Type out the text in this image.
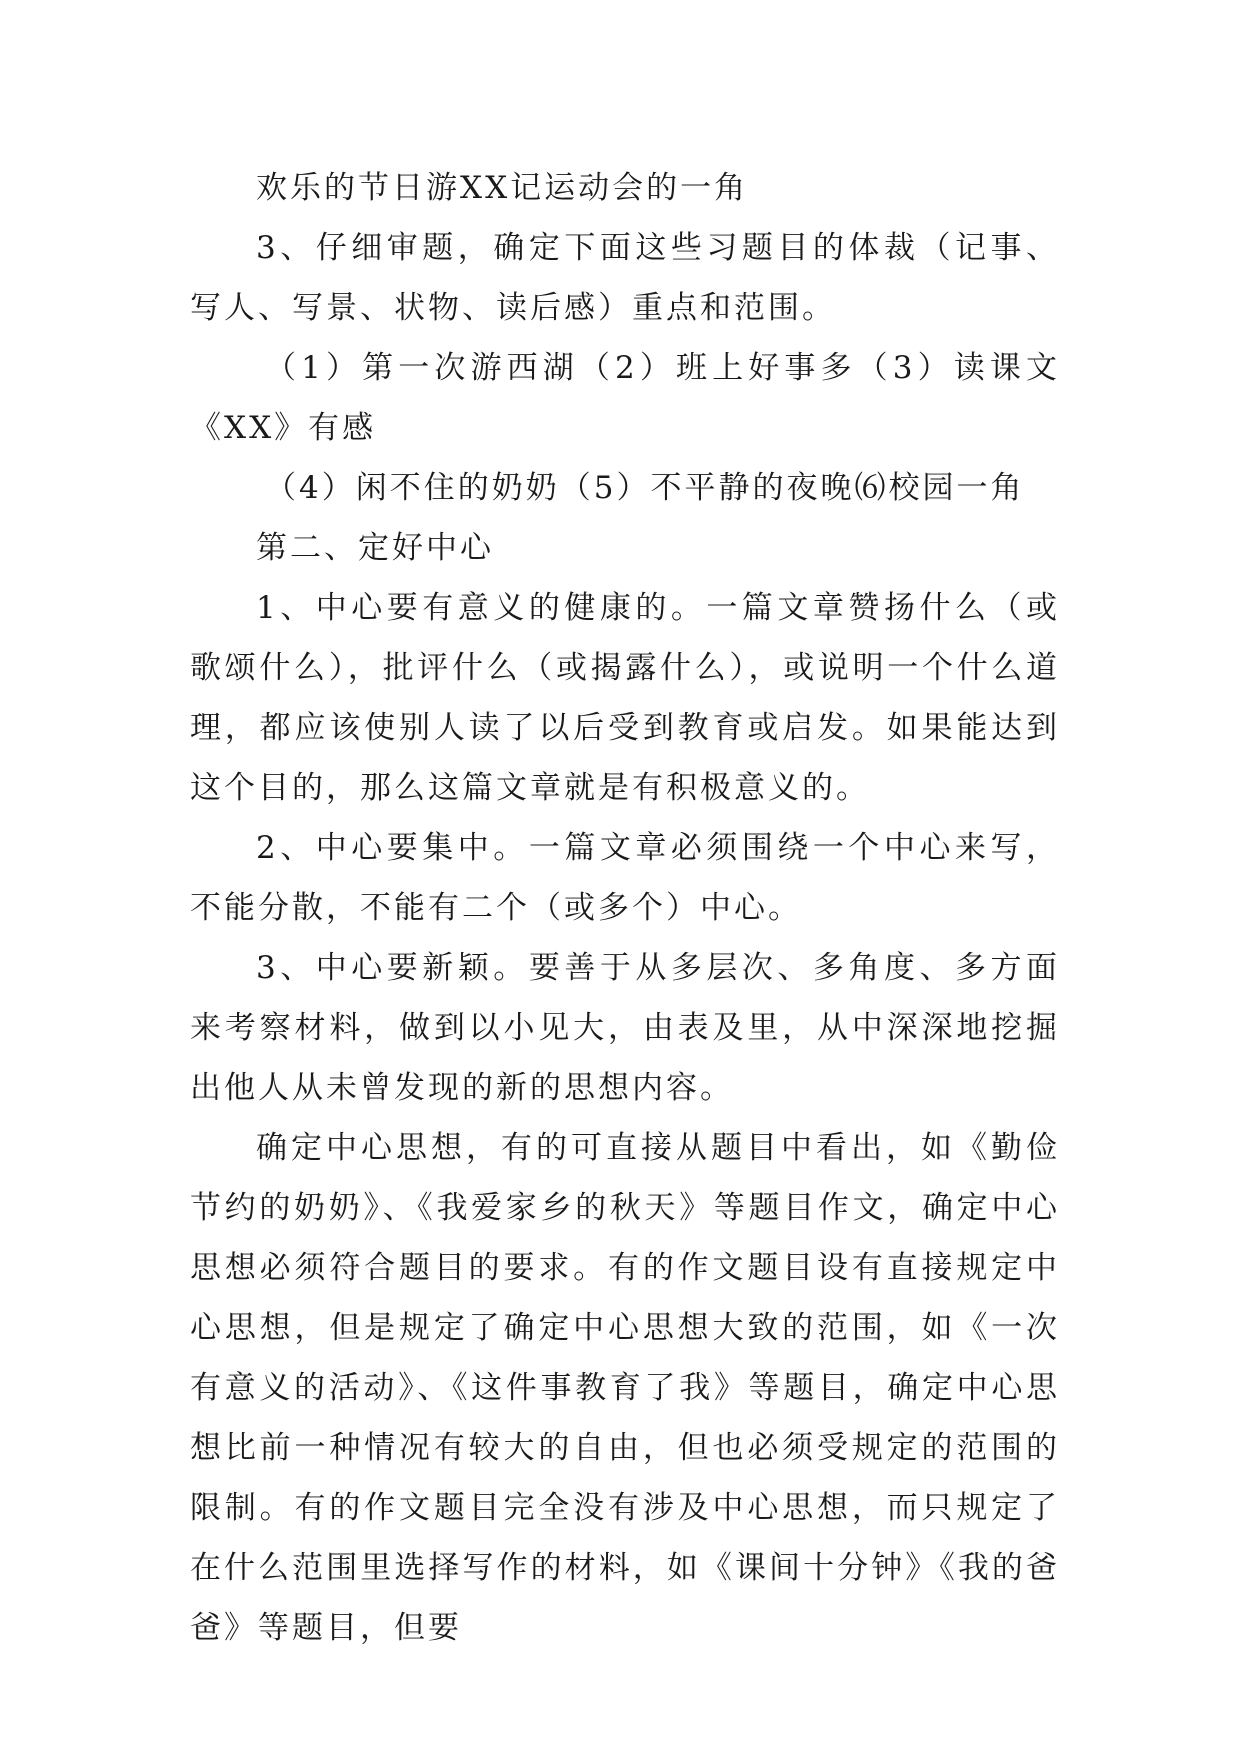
欢乐的节日游XX记运动会的一角

3、仔细审题，确定下面这些习题目的体裁（记事、写人、写景、状物、读后感）重点和范围。

（1）第一次游西湖（2）班上好事多（3）读课文《XX》有感

（4）闲不住的奶奶（5）不平静的夜晚⑹校园一角

第二、定好中心

1、中心要有意义的健康的。一篇文章赞扬什么（或歌颂什么），批评什么（或揭露什么），或说明一个什么道理，都应该使别人读了以后受到教育或启发。如果能达到这个目的，那么这篇文章就是有积极意义的。

2、中心要集中。一篇文章必须围绕一个中心来写，不能分散，不能有二个（或多个）中心。

3、中心要新颖。要善于从多层次、多角度、多方面来考察材料，做到以小见大，由表及里，从中深深地挖掘出他人从未曾发现的新的思想内容。

确定中心思想，有的可直接从题目中看出，如《勤俭节约的奶奶》、《我爱家乡的秋天》等题目作文，确定中心思想必须符合题目的要求。有的作文题目设有直接规定中心思想，但是规定了确定中心思想大致的范围，如《一次有意义的活动》、《这件事教育了我》等题目，确定中心思想比前一种情况有较大的自由，但也必须受规定的范围的限制。有的作文题目完全没有涉及中心思想，而只规定了在什么范围里选择写作的材料，如《课间十分钟》《我的爸爸》等题目，但要
